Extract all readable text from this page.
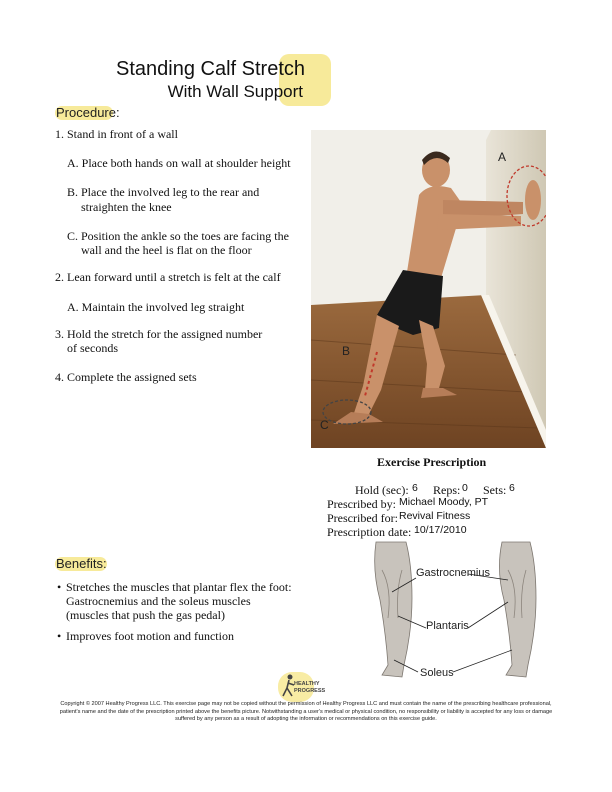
Standing Calf Stretch
With Wall Support
Procedure:
1. Stand in front of a wall
A. Place both hands on wall at shoulder height
B. Place the involved leg to the rear and
straighten the knee
C. Position the ankle so the toes are facing the
wall and the heel is flat on the floor
2. Lean forward until a stretch is felt at the calf
A. Maintain the involved leg straight
3. Hold the stretch for the assigned number
of seconds
4. Complete the assigned sets
A
B
C
Exercise Prescription
Hold (sec): 6 Reps: 0 Sets: 6
Prescribed by: Michael Moody, PT
Prescribed for: Revival Fitness
Prescription date: 10/17/2010
Benefits:
• Stretches the muscles that plantar flex the foot:
Gastrocnemius and the soleus muscles
(muscles that push the gas pedal)
• Improves foot motion and function
Gastrocnemius
Plantaris
Soleus
HEALTHY
PROGRESS
Copyright © 2007 Healthy Progress LLC. This exercise page may not be copied without the permission of Healthy Progress LLC and must contain the name of the prescribing healthcare professional, patient's name and the date of the prescription printed above the benefits picture. Notwithstanding a user's medical or physical condition, no responsibility or liability is accepted for any loss or damage suffered by any person as a result of adopting the information or recommendations on this exercise guide.
